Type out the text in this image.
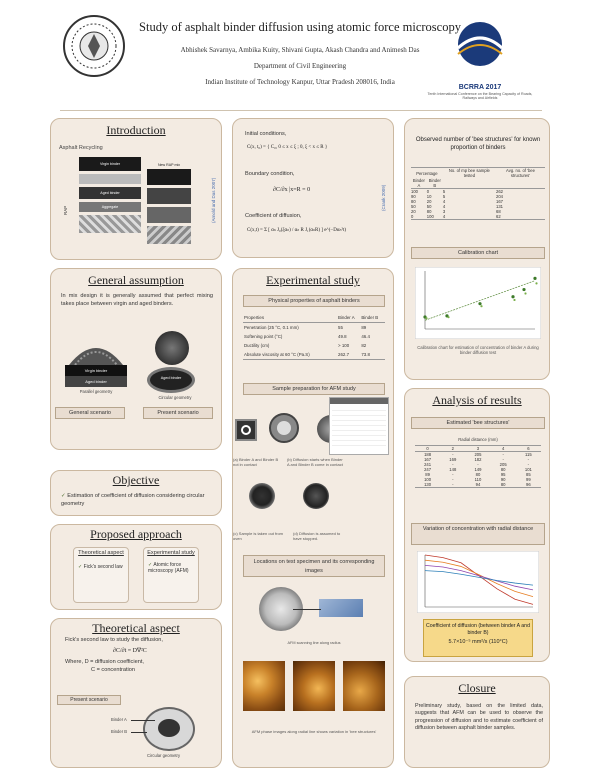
Study of asphalt binder diffusion using atomic force microscopy
Abhishek Savarnya, Ambika Kuity, Shivani Gupta, Akash Chandra and Animesh Das
Department of Civil Engineering
Indian Institute of Technology Kanpur, Uttar Pradesh 208016, India
BCRRA 2017
Tenth International Conference on the Bearing Capacity of Roads, Railways and Airfields
Introduction
Asphalt Recycling
Virgin binder
Aged binder
Aggregate
RAP
New RAP mix
(Arnold and Das 2007)
General assumption
In mix design it is generally assumed that perfect mixing takes place between virgin and aged binders.
Virgin binder
Aged binder
Parallel geometry
Aged binder
Circular geometry
General scenario	Present scenario
Objective
✓ Estimation of coefficient of diffusion considering circular geometry
Proposed approach
Theoretical aspect
✓ Fick's second law
Experimental study
✓ Atomic force microscopy (AFM)
Theoretical aspect
Fick's second law to study the diffusion,
∂C/∂t = D∇²C
Where, D = diffusion coefficient,
C = concentration
Present scenario
Binder A
Binder B
Circular geometry
Initial conditions,
C(x, t₀) = { C₀, 0 ≤ x ≤ ξ ; 0, ξ < x ≤ R }
Boundary condition,
∂C/∂x |x=R = 0
Coefficient of diffusion,
C(x,t) = Σ [ αₙ J₀(ξαₙ) / αₙ R J₁(αₙR) ] e^(−Dαₙ²t)
(Crank 2009)
Experimental study
Physical properties of asphalt binders
Properties	Binder A	Binder B
Penetration (25 °C, 0.1 mm)	55	89
Softening point (°C)	49.8	46.4
Ductility (cm)	> 100	82
Absolute viscosity at 60 °C (Pa.S)	262.7	73.8
Sample preparation for AFM study
(a) Binder A and Binder B not in contact
(b) Diffusion starts when Binder A and Binder B come in contact
(c) Sample is taken out from oven
(d) Diffusion is assumed to have stopped.
Locations on test specimen and its corresponding images
AFM scanning line along radius
AFM phase images along radial line shows variation in 'bee structures'
Observed number of 'bee structures' for known proportion of binders
Percentage		No. of mp bee sample tested	Avg. no. of 'bee structures'
Binder A	Binder B		
100	0	5	262
90	10	5	204
80	20	4	167
50	50	4	131
20	80	3	68
0	100	4	62
Calibration chart
Calibration chart for estimation of concentration of binder A during binder diffusion test
Analysis of results
Estimated 'bee structures'
Radial distance (mm)
0	2	3	4	6
188	-	205	-	115
167	169	182	-	-
241	-	-	205	-
247	148	149	80	101
89	-	80	95	85
100	-	110	90	99
130	-	94	80	96
Variation of concentration with radial distance
Coefficient of diffusion (between binder A and binder B)
5.7×10⁻⁵ mm²/s (110°C)
Closure
Preliminary study, based on the limited data, suggests that AFM can be used to observe the progression of diffusion and to estimate coefficient of diffusion between asphalt binder samples.
